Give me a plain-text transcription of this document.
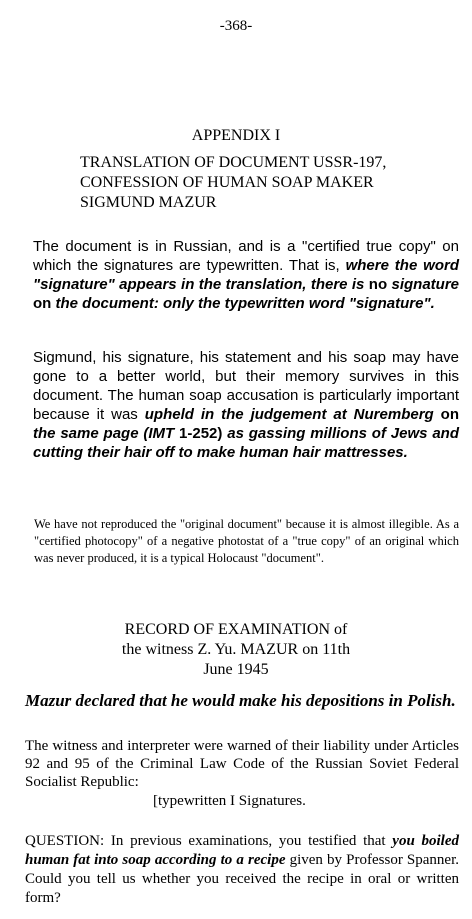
-368-
APPENDIX I
TRANSLATION OF DOCUMENT USSR-197,
CONFESSION OF HUMAN SOAP MAKER
SIGMUND MAZUR
The document is in Russian, and is a "certified true copy" on which the signatures are typewritten. That is, where the word "signature" appears in the translation, there is no signature on the document: only the typewritten word "signature".
Sigmund, his signature, his statement and his soap may have gone to a better world, but their memory survives in this document. The human soap accusation is particularly important because it was upheld in the judgement at Nuremberg on the same page (IMT 1-252) as gassing millions of Jews and cutting their hair off to make human hair mattresses.
We have not reproduced the "original document" because it is almost illegible. As a "certified photocopy" of a negative photostat of a "true copy" of an original which was never produced, it is a typical Holocaust "document".
RECORD OF EXAMINATION of
the witness Z. Yu. MAZUR on 11th
June 1945
Mazur declared that he would make his depositions in Polish.
The witness and interpreter were warned of their liability under Articles 92 and 95 of the Criminal Law Code of the Russian Soviet Federal Socialist Republic:
[typewritten I Signatures.
QUESTION: In previous examinations, you testified that you boiled human fat into soap according to a recipe given by Professor Spanner. Could you tell us whether you received the recipe in oral or written form?
